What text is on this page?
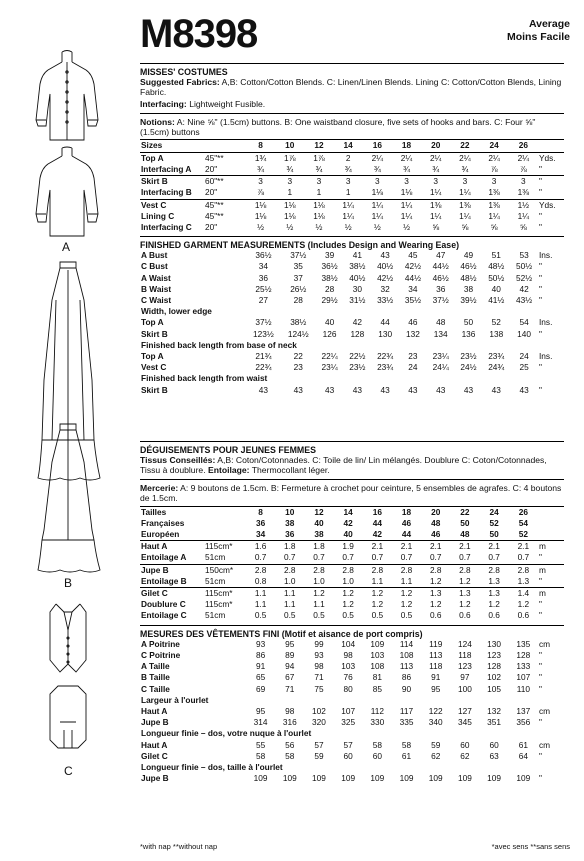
A
B
C
M8398	Average
Moins Facile
MISSES' COSTUMES

Suggested Fabrics: A,B: Cotton/Cotton Blends. C: Linen/Linen Blends. Lining C: Cotton/Cotton Blends, Lining Fabric.

Interfacing: Lightweight Fusible.

Notions: A: Nine ⅝" (1.5cm) buttons. B: One waistband closure, five sets of hooks and bars. C: Four ⅝" (1.5cm) buttons

Sizes		8	10	12	14	16	18	20	22	24	26	
Top A	45"**	1¾	1⅞	1⅞	2	2¼	2¼	2¼	2¼	2¼	2¼	Yds.
Interfacing A	20"	¾	¾	¾	¾	¾	¾	¾	¾	⅞	⅞	"
Skirt B	60"**	3	3	3	3	3	3	3	3	3	3	"
Interfacing B	20"	⅞	1	1	1	1⅛	1⅛	1¼	1¼	1⅜	1⅜	"
Vest C	45"**	1⅛	1⅛	1⅛	1¼	1¼	1¼	1⅜	1⅜	1⅜	1½	Yds.
Lining C	45"**	1⅛	1⅛	1⅛	1¼	1¼	1¼	1¼	1¼	1¼	1¼	"
Interfacing C	20"	½	½	½	½	½	½	⅝	⅝	⅝	⅝	"
FINISHED GARMENT MEASUREMENTS (Includes Design and Wearing Ease)
A Bust		36½	37½	39	41	43	45	47	49	51	53	Ins.
C Bust		34	35	36½	38½	40½	42½	44½	46½	48½	50½	"
A Waist		36	37	38½	40½	42½	44½	46½	48½	50½	52½	"
B Waist		25½	26½	28	30	32	34	36	38	40	42	"
C Waist		27	28	29½	31½	33½	35½	37½	39½	41½	43½	"
Width, lower edge												
Top A		37½	38½	40	42	44	46	48	50	52	54	Ins.
Skirt B		123½	124½	126	128	130	132	134	136	138	140	"
Finished back length from base of neck												
Top A		21¾	22	22¼	22½	22¾	23	23¼	23½	23¾	24	Ins.
Vest C		22¾	23	23¼	23½	23¾	24	24¼	24½	24¾	25	"
Finished back length from waist												
Skirt B		43	43	43	43	43	43	43	43	43	43	"
DÉGUISEMENTS POUR JEUNES FEMMES

Tissus Conseillés: A,B: Coton/Cotonnades. C: Toile de lin/ Lin mélangés. Doublure C: Coton/Cotonnades, Tissu à doublure. Entoilage: Thermocollant léger.

Mercerie: A: 9 boutons de 1.5cm. B: Fermeture à crochet pour ceinture, 5 ensembles de agrafes. C: 4 boutons de 1.5cm.

Tailles		8	10	12	14	16	18	20	22	24	26	
Françaises		36	38	40	42	44	46	48	50	52	54	
Européen		34	36	38	40	42	44	46	48	50	52	
Haut A	115cm*	1.6	1.8	1.8	1.9	2.1	2.1	2.1	2.1	2.1	2.1	m
Entoilage A	51cm	0.7	0.7	0.7	0.7	0.7	0.7	0.7	0.7	0.7	0.7	"
Jupe B	150cm*	2.8	2.8	2.8	2.8	2.8	2.8	2.8	2.8	2.8	2.8	m
Entoilage B	51cm	0.8	1.0	1.0	1.0	1.1	1.1	1.2	1.2	1.3	1.3	"
Gilet C	115cm*	1.1	1.1	1.2	1.2	1.2	1.2	1.3	1.3	1.3	1.4	m
Doublure C	115cm*	1.1	1.1	1.1	1.2	1.2	1.2	1.2	1.2	1.2	1.2	"
Entoilage C	51cm	0.5	0.5	0.5	0.5	0.5	0.5	0.6	0.6	0.6	0.6	"
MESURES DES VÊTEMENTS FINI (Motif et aisance de port compris)
A Poitrine		93	95	99	104	109	114	119	124	130	135	cm
C Poitrine		86	89	93	98	103	108	113	118	123	128	"
A Taille		91	94	98	103	108	113	118	123	128	133	"
B Taille		65	67	71	76	81	86	91	97	102	107	"
C Taille		69	71	75	80	85	90	95	100	105	110	"
Largeur à l'ourlet												
Haut A		95	98	102	107	112	117	122	127	132	137	cm
Jupe B		314	316	320	325	330	335	340	345	351	356	"
Longueur finie – dos, votre nuque à l'ourlet												
Haut A		55	56	57	57	58	58	59	60	60	61	cm
Gilet C		58	58	59	60	60	61	62	62	63	64	"
Longueur finie – dos, taille à l'ourlet												
Jupe B		109	109	109	109	109	109	109	109	109	109	"
*with nap **without nap	*avec sens **sans sens
